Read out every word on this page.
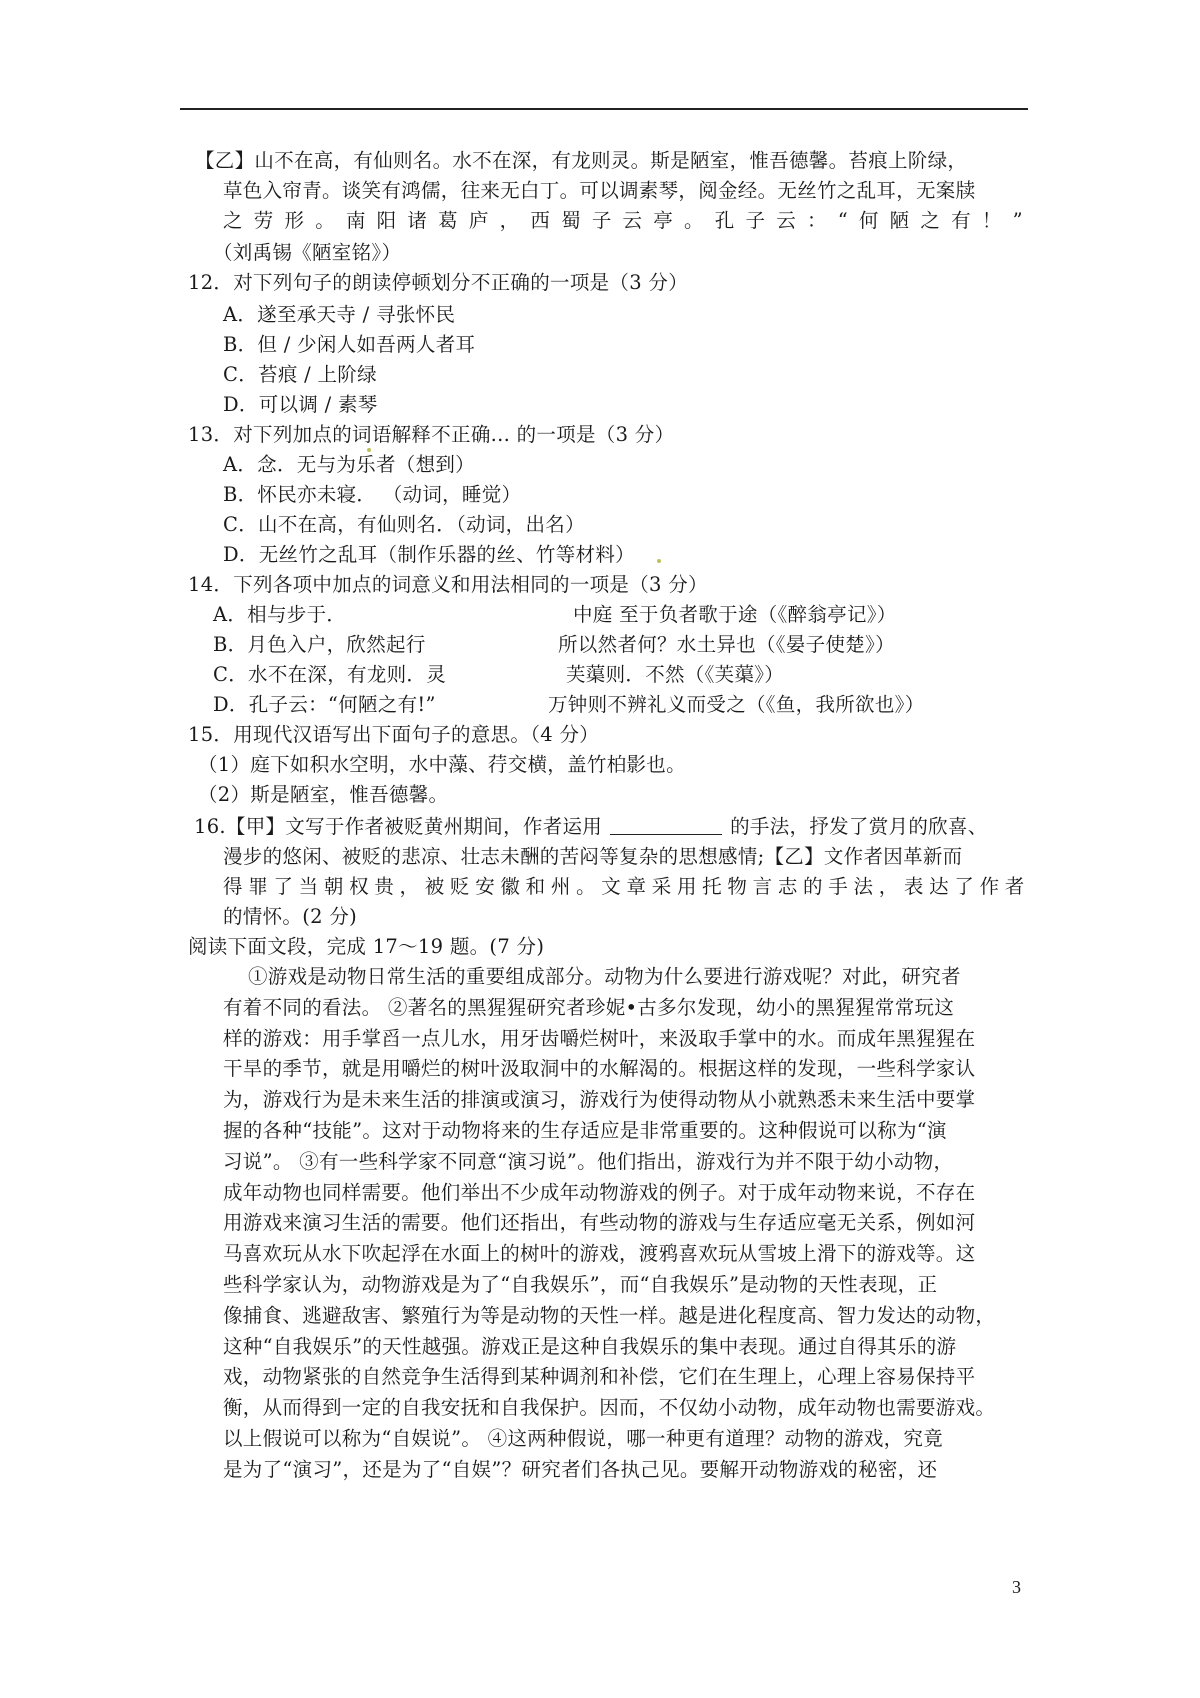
【乙】山不在高，有仙则名。水不在深，有龙则灵。斯是陋室，惟吾德馨。苔痕上阶绿，
草色入帘青。谈笑有鸿儒，往来无白丁。可以调素琴，阅金经。无丝竹之乱耳，无案牍
之 劳 形 。 南 阳 诸 葛 庐 ， 西 蜀 子 云 亭 。 孔 子 云 ： “ 何 陋 之 有 ！ ”
（刘禹锡《陋室铭》）
12．对下列句子的朗读停顿划分不正确的一项是（3 分）
A．遂至承天寺 / 寻张怀民
B．但 / 少闲人如吾两人者耳
C．苔痕 / 上阶绿
D．可以调 / 素琴
13．对下列加点的词语解释不正确... 的一项是（3 分）
A．念．无与为乐者（想到）
B．怀民亦未寝． （动词，睡觉）
C．山不在高，有仙则名．（动词，出名）
D．无丝竹之乱耳（制作乐器的丝、竹等材料）
14．下列各项中加点的词意义和用法相同的一项是（3 分）
A．相与步于．	中庭 至于负者歌于途（《醉翁亭记》）
B．月色入户，欣然起行	所以然者何？水土异也（《晏子使楚》）
C．水不在深，有龙则．灵	芙蕖则．不然（《芙蕖》）
D．孔子云：“何陋之有!”	万钟则不辨礼义而受之（《鱼，我所欲也》）
15．用现代汉语写出下面句子的意思。（4 分）
（1）庭下如积水空明，水中藻、荇交横，盖竹柏影也。
（2）斯是陋室，惟吾德馨。
16.【甲】文写于作者被贬黄州期间，作者运用	的手法，抒发了赏月的欣喜、
漫步的悠闲、被贬的悲凉、壮志未酬的苦闷等复杂的思想感情;【乙】文作者因革新而
得 罪 了 当 朝 权 贵 ， 被 贬 安 徽 和 州 。 文 章 采 用 托 物 言 志 的 手 法 ， 表 达 了 作 者
的情怀。(2 分)
阅读下面文段，完成 17～19 题。(7 分)
①游戏是动物日常生活的重要组成部分。动物为什么要进行游戏呢？对此，研究者
有着不同的看法。 ②著名的黑猩猩研究者珍妮•古多尔发现，幼小的黑猩猩常常玩这
样的游戏：用手掌舀一点儿水，用牙齿嚼烂树叶，来汲取手掌中的水。而成年黑猩猩在
干旱的季节，就是用嚼烂的树叶汲取洞中的水解渴的。根据这样的发现，一些科学家认
为，游戏行为是未来生活的排演或演习，游戏行为使得动物从小就熟悉未来生活中要掌
握的各种“技能”。这对于动物将来的生存适应是非常重要的。这种假说可以称为“演
习说”。 ③有一些科学家不同意“演习说”。他们指出，游戏行为并不限于幼小动物，
成年动物也同样需要。他们举出不少成年动物游戏的例子。对于成年动物来说，不存在
用游戏来演习生活的需要。他们还指出，有些动物的游戏与生存适应毫无关系，例如河
马喜欢玩从水下吹起浮在水面上的树叶的游戏，渡鸦喜欢玩从雪坡上滑下的游戏等。这
些科学家认为，动物游戏是为了“自我娱乐”，而“自我娱乐”是动物的天性表现，正
像捕食、逃避敌害、繁殖行为等是动物的天性一样。越是进化程度高、智力发达的动物，
这种“自我娱乐”的天性越强。游戏正是这种自我娱乐的集中表现。通过自得其乐的游
戏，动物紧张的自然竞争生活得到某种调剂和补偿，它们在生理上，心理上容易保持平
衡，从而得到一定的自我安抚和自我保护。因而，不仅幼小动物，成年动物也需要游戏。
以上假说可以称为“自娱说”。 ④这两种假说，哪一种更有道理？动物的游戏，究竟
是为了“演习”，还是为了“自娱”？研究者们各执己见。要解开动物游戏的秘密，还
3
